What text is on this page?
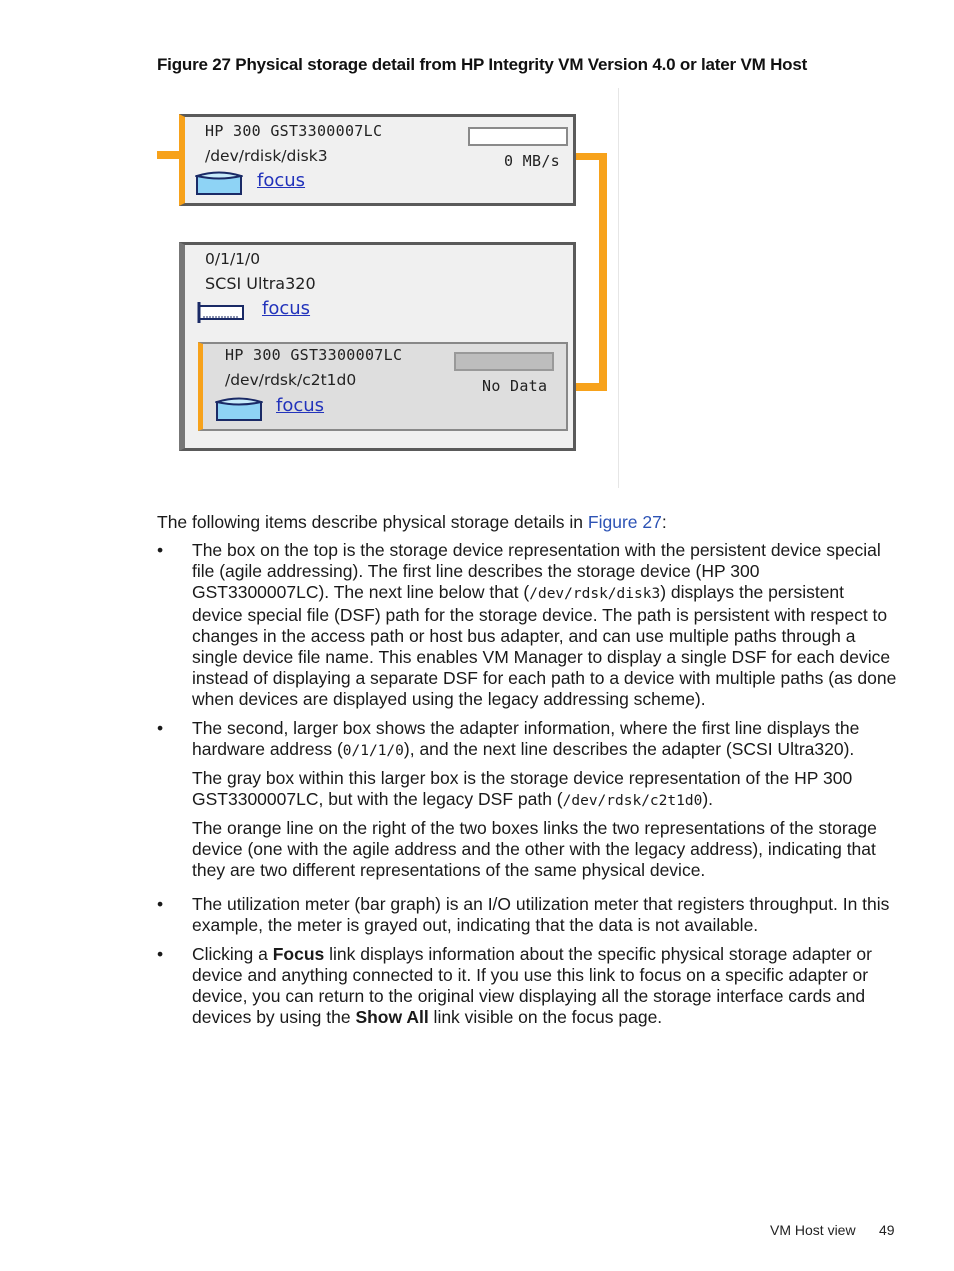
Figure 27 Physical storage detail from HP Integrity VM Version 4.0 or later VM Host
HP 300 GST3300007LC
/dev/rdisk/disk3
focus
0 MB/s
0/1/1/0
SCSI Ultra320
focus
HP 300 GST3300007LC
/dev/rdsk/c2t1d0
focus
No Data
The following items describe physical storage details in Figure 27:
• The box on the top is the storage device representation with the persistent device special file (agile addressing). The first line describes the storage device (HP 300 GST3300007LC). The next line below that (/dev/rdsk/disk3) displays the persistent device special file (DSF) path for the storage device. The path is persistent with respect to changes in the access path or host bus adapter, and can use multiple paths through a single device file name. This enables VM Manager to display a single DSF for each device instead of displaying a separate DSF for each path to a device with multiple paths (as done when devices are displayed using the legacy addressing scheme).

• The second, larger box shows the adapter information, where the first line displays the hardware address (0/1/1/0), and the next line describes the adapter (SCSI Ultra320).

The gray box within this larger box is the storage device representation of the HP 300 GST3300007LC, but with the legacy DSF path (/dev/rdsk/c2t1d0).

The orange line on the right of the two boxes links the two representations of the storage device (one with the agile address and the other with the legacy address), indicating that they are two different representations of the same physical device.

• The utilization meter (bar graph) is an I/O utilization meter that registers throughput. In this example, the meter is grayed out, indicating that the data is not available.

• Clicking a Focus link displays information about the specific physical storage adapter or device and anything connected to it. If you use this link to focus on a specific adapter or device, you can return to the original view displaying all the storage interface cards and devices by using the Show All link visible on the focus page.

VM Host view 49
